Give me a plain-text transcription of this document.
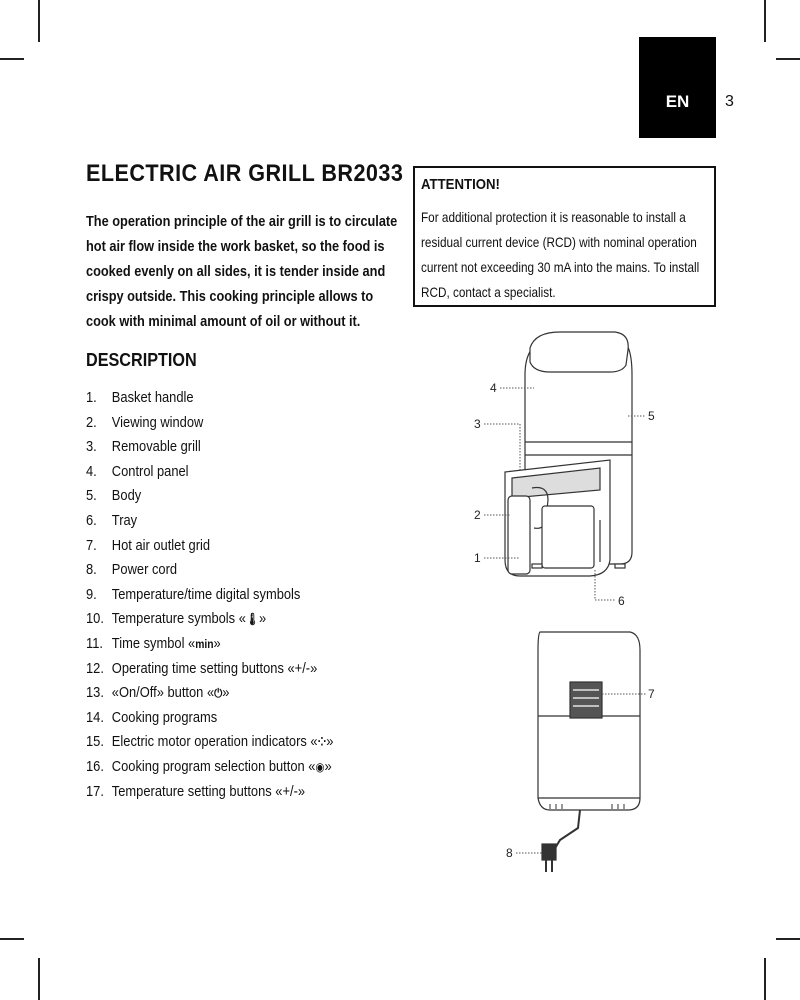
EN 3
ELECTRIC AIR GRILL BR2033
The operation principle of the air grill is to circulate
hot air flow inside the work basket, so the food is
cooked evenly on all sides, it is tender inside and
crispy outside. This cooking principle allows to
cook with minimal amount of oil or without it.
DESCRIPTION
1. Basket handle
2. Viewing window
3. Removable grill
4. Control panel
5. Body
6. Tray
7. Hot air outlet grid
8. Power cord
9. Temperature/time digital symbols
10. Temperature symbols «🌡»
11. Time symbol «min»
12. Operating time setting buttons «+/-»
13. «On/Off» button «⏻»
14. Cooking programs
15. Electric motor operation indicators «⁘»
16. Cooking program selection button «◉»
17. Temperature setting buttons «+/-»
ATTENTION!
For additional protection it is reasonable to install a
residual current device (RCD) with nominal operation
current not exceeding 30 mA into the mains. To install
RCD, contact a specialist.
4
3
2
1
5
6
7
8
